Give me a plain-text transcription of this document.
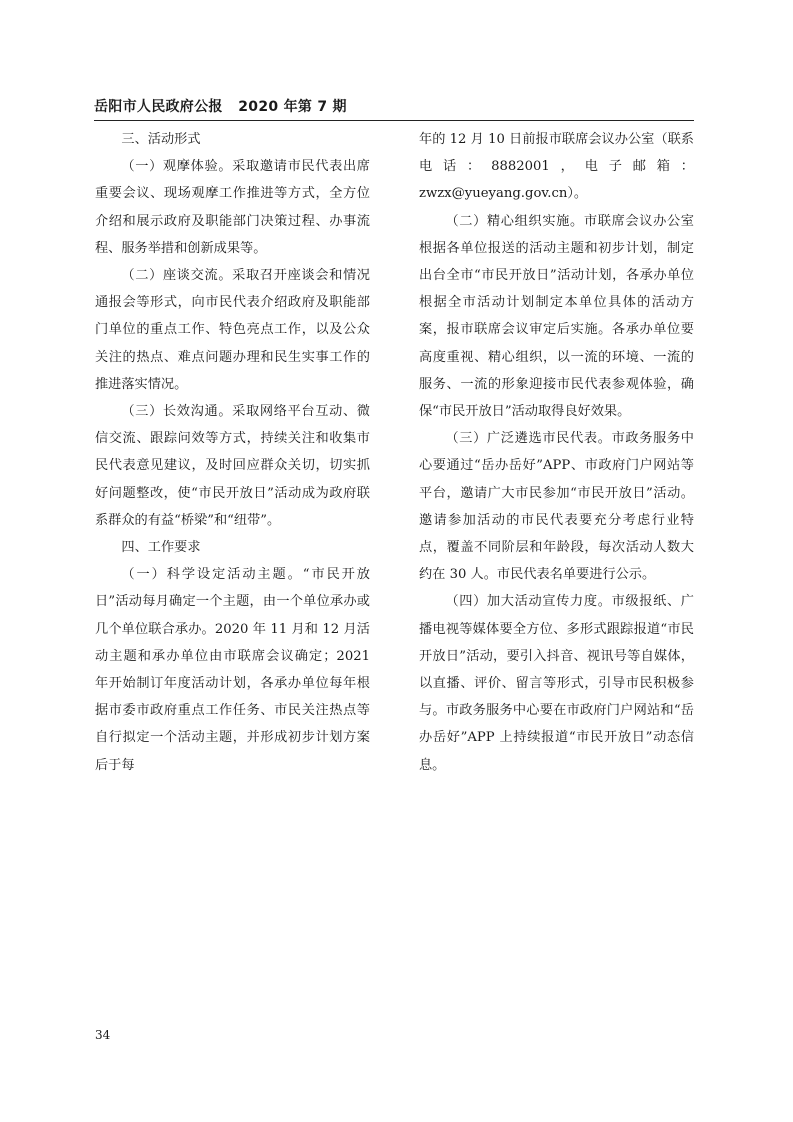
岳阳市人民政府公报 2020 年第 7 期

三、活动形式

（一）观摩体验。采取邀请市民代表出席重要会议、现场观摩工作推进等方式，全方位介绍和展示政府及职能部门决策过程、办事流程、服务举措和创新成果等。

（二）座谈交流。采取召开座谈会和情况通报会等形式，向市民代表介绍政府及职能部门单位的重点工作、特色亮点工作，以及公众关注的热点、难点问题办理和民生实事工作的推进落实情况。

（三）长效沟通。采取网络平台互动、微信交流、跟踪问效等方式，持续关注和收集市民代表意见建议，及时回应群众关切，切实抓好问题整改，使“市民开放日”活动成为政府联系群众的有益“桥梁”和“纽带”。

四、工作要求

（一）科学设定活动主题。“市民开放日”活动每月确定一个主题，由一个单位承办或几个单位联合承办。2020 年 11 月和 12 月活动主题和承办单位由市联席会议确定；2021 年开始制订年度活动计划，各承办单位每年根据市委市政府重点工作任务、市民关注热点等自行拟定一个活动主题，并形成初步计划方案后于每

年的 12 月 10 日前报市联席会议办公室（联系电话：8882001，电子邮箱：zwzx@yueyang.gov.cn）。

（二）精心组织实施。市联席会议办公室根据各单位报送的活动主题和初步计划，制定出台全市“市民开放日”活动计划，各承办单位根据全市活动计划制定本单位具体的活动方案，报市联席会议审定后实施。各承办单位要高度重视、精心组织，以一流的环境、一流的服务、一流的形象迎接市民代表参观体验，确保“市民开放日”活动取得良好效果。

（三）广泛遴选市民代表。市政务服务中心要通过“岳办岳好”APP、市政府门户网站等平台，邀请广大市民参加“市民开放日”活动。邀请参加活动的市民代表要充分考虑行业特点，覆盖不同阶层和年龄段，每次活动人数大约在 30 人。市民代表名单要进行公示。

（四）加大活动宣传力度。市级报纸、广播电视等媒体要全方位、多形式跟踪报道“市民开放日”活动，要引入抖音、视讯号等自媒体，以直播、评价、留言等形式，引导市民积极参与。市政务服务中心要在市政府门户网站和“岳办岳好”APP 上持续报道“市民开放日”动态信息。

34
